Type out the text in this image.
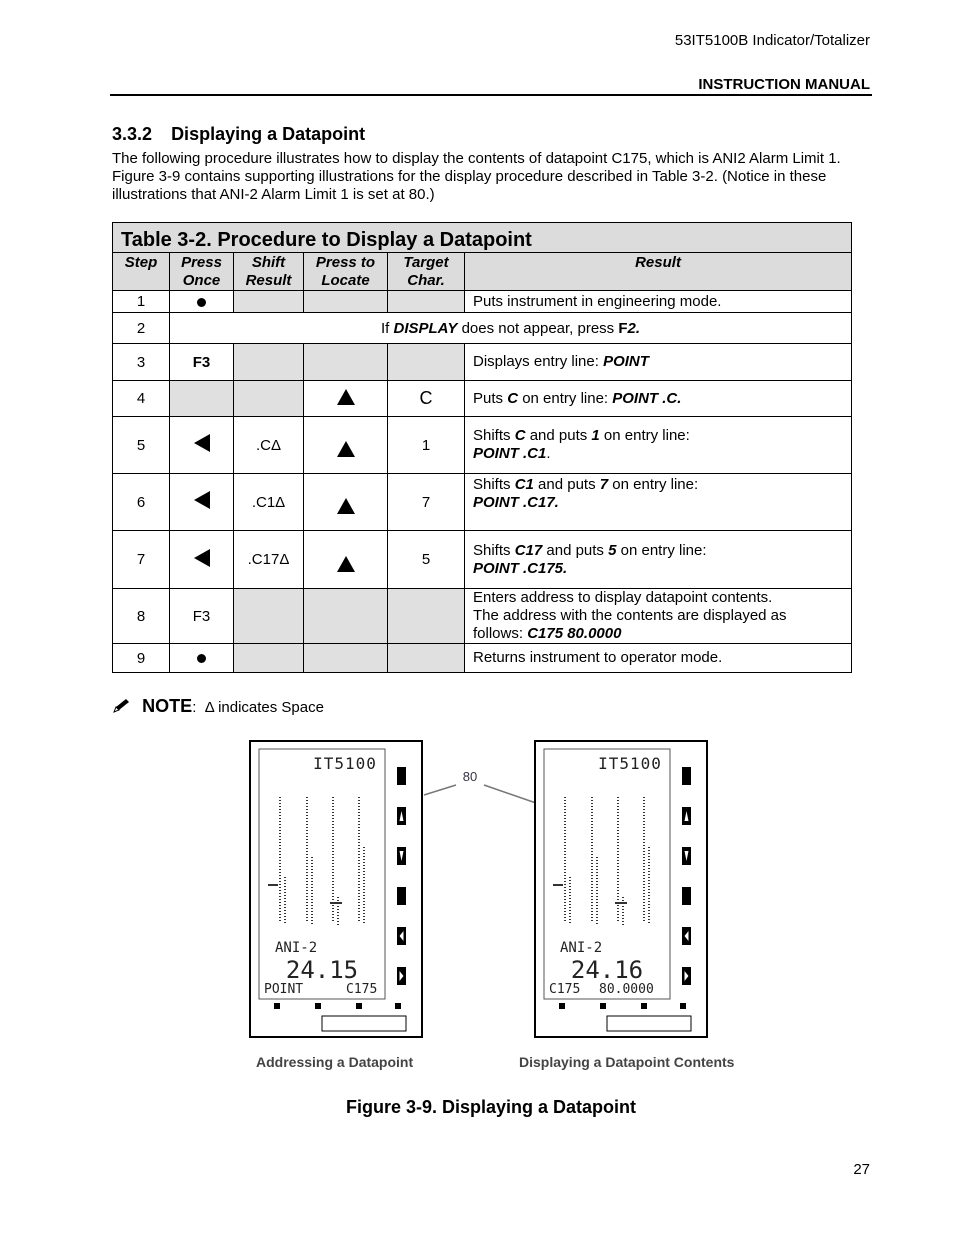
53IT5100B Indicator/Totalizer
INSTRUCTION MANUAL
3.3.2 Displaying a Datapoint
The following procedure illustrates how to display the contents of datapoint C175, which is ANI2 Alarm Limit 1. Figure 3-9 contains supporting illustrations for the display procedure described in Table 3-2. (Notice in these illustrations that ANI-2 Alarm Limit 1 is set at 80.)
Table 3-2. Procedure to Display a Datapoint					
Step	Press Once	Shift Result	Press to Locate	Target Char.	Result
1					Puts instrument in engineering mode.
2	If DISPLAY does not appear, press F2.				
3	F3				Displays entry line: POINT
4				C	Puts C on entry line: POINT .C.
5		.CΔ		1	Shifts C and puts 1 on entry line:
POINT .C1.
6		.C1Δ		7	Shifts C1 and puts 7 on entry line:
POINT .C17.
7		.C17Δ		5	Shifts C17 and puts 5 on entry line:
POINT .C175.
8	F3				Enters address to display datapoint contents.
The address with the contents are displayed as
follows: C175 80.0000
9					Returns instrument to operator mode.
NOTE:  Δ indicates Space
IT5100
ANI-2
24.15
POINT	C175
80
IT5100
ANI-2
24.16
C175 80.0000
Addressing a Datapoint	Displaying a Datapoint Contents
Figure 3-9. Displaying a Datapoint
27
